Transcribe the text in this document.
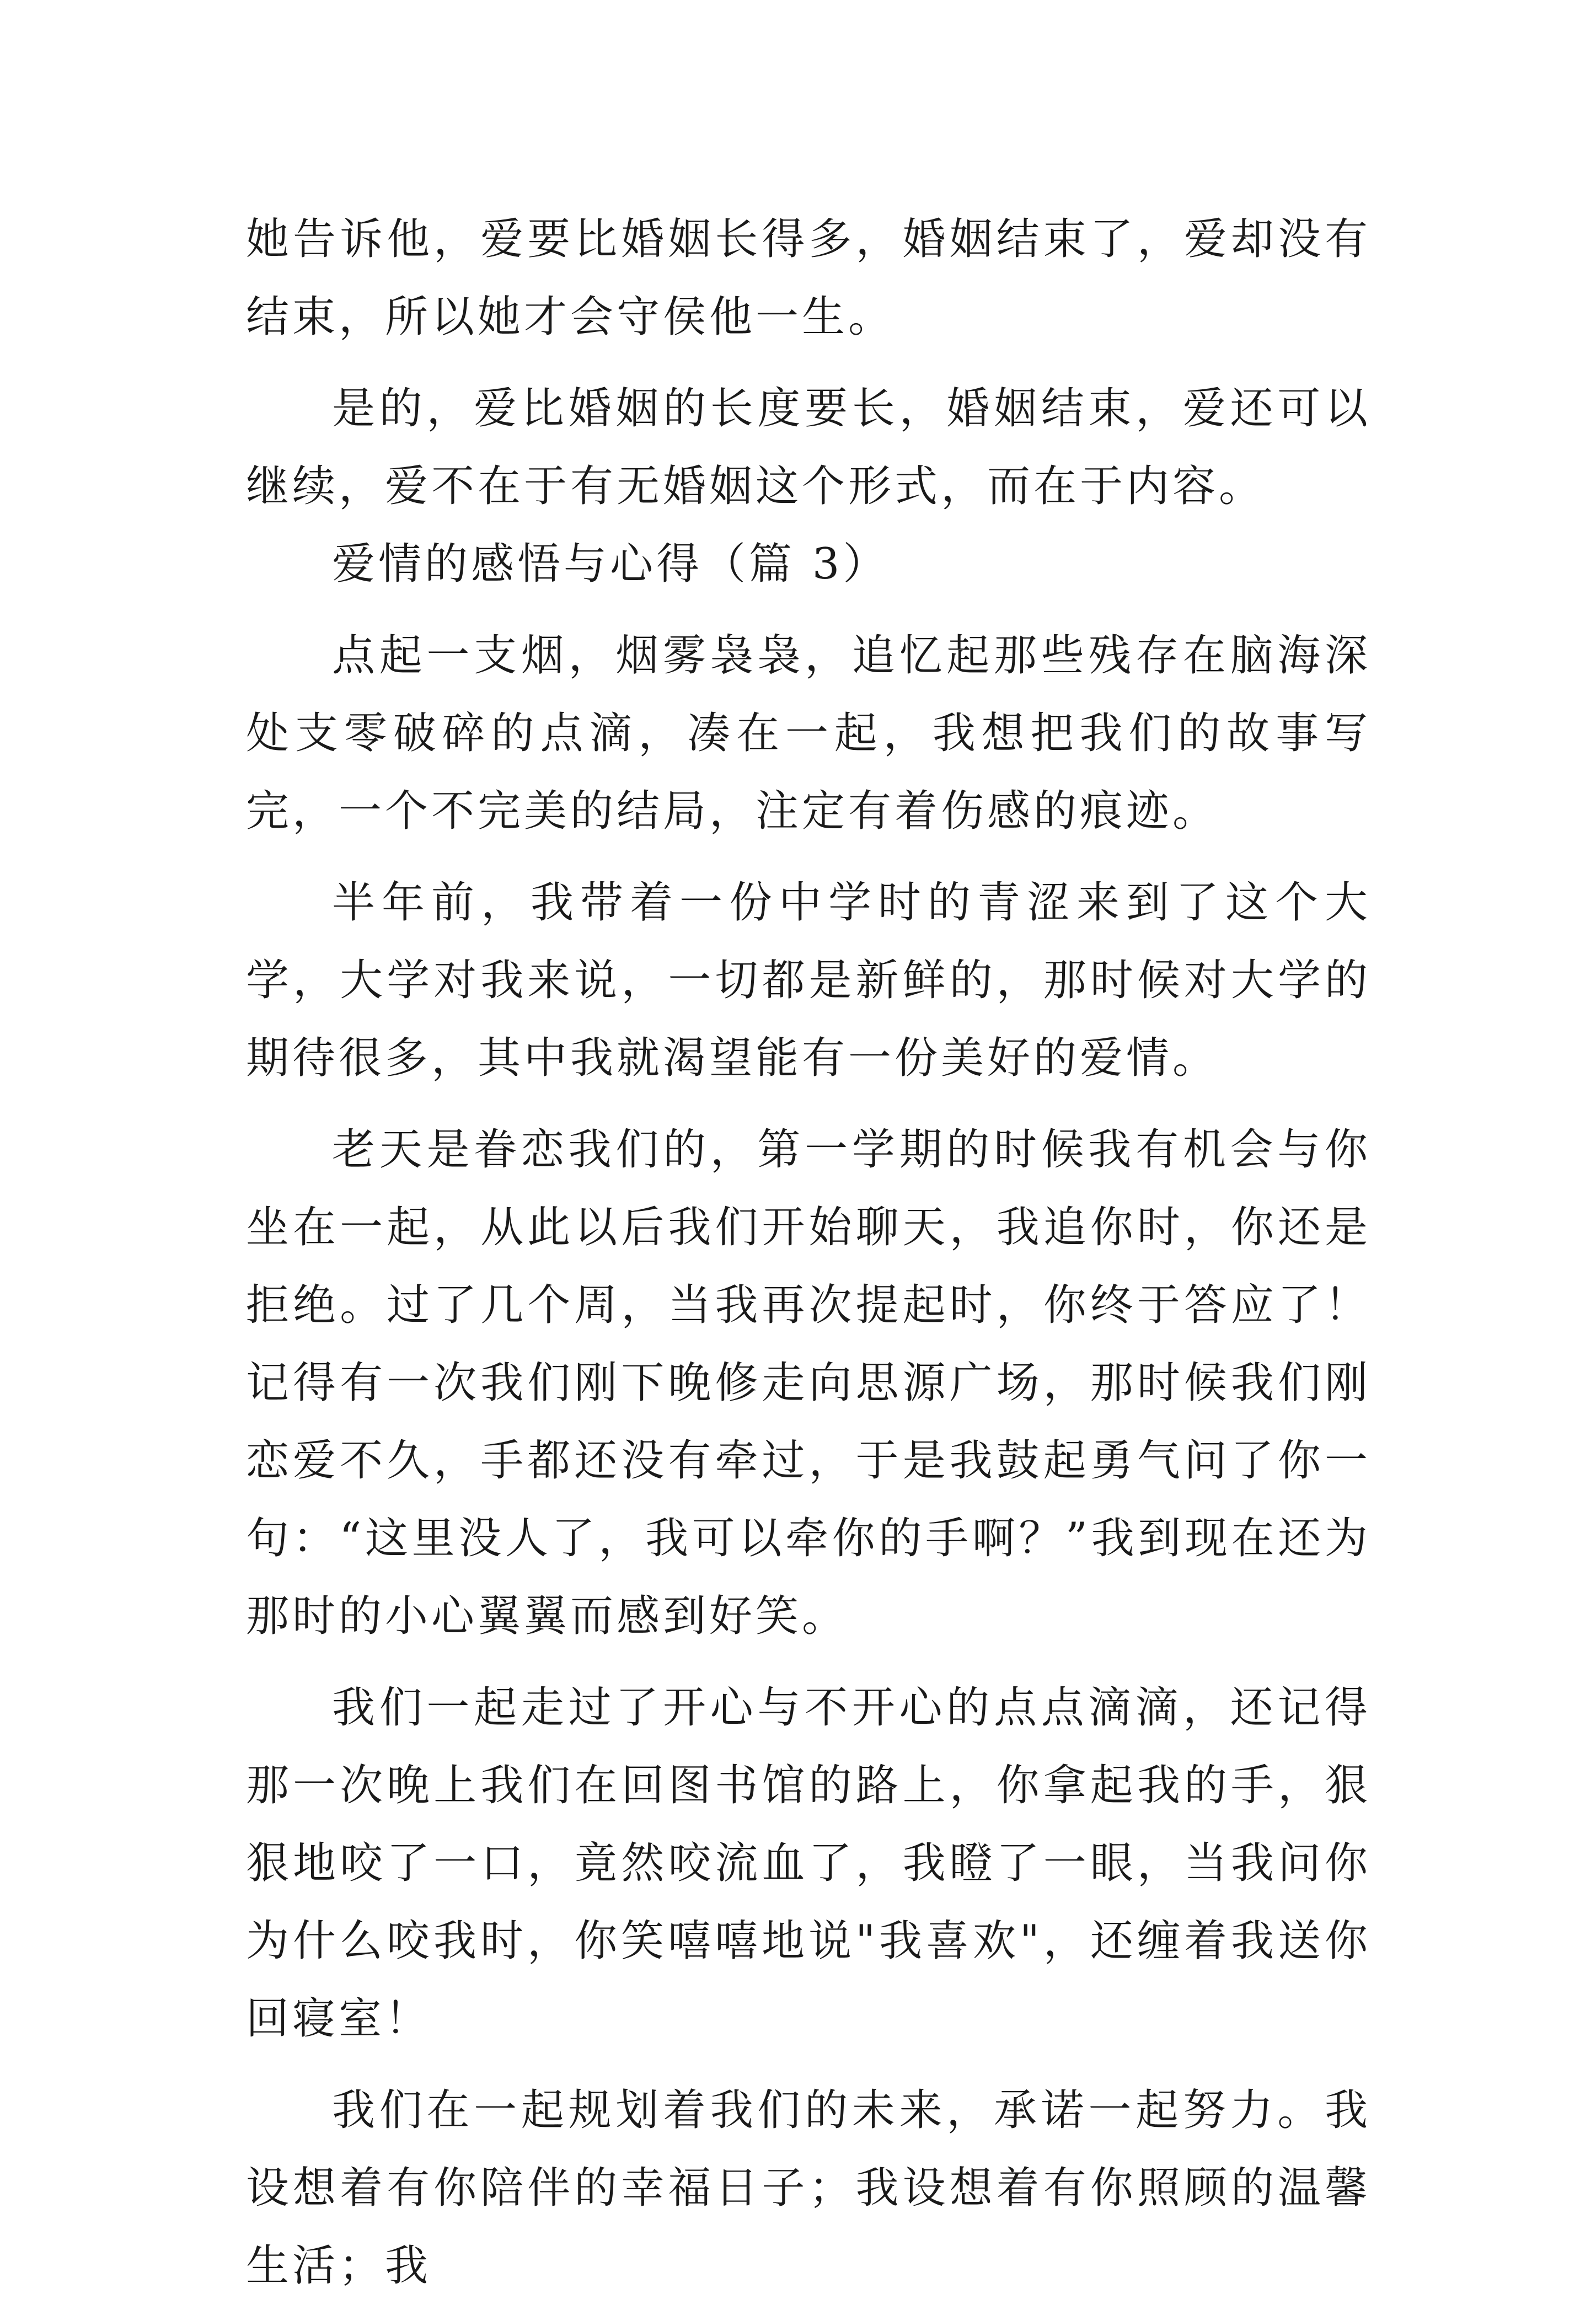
她告诉他，爱要比婚姻长得多，婚姻结束了，爱却没有结束，所以她才会守侯他一生。

是的，爱比婚姻的长度要长，婚姻结束，爱还可以继续，爱不在于有无婚姻这个形式，而在于内容。

爱情的感悟与心得（篇 3）

点起一支烟，烟雾袅袅，追忆起那些残存在脑海深处支零破碎的点滴，凑在一起，我想把我们的故事写完，一个不完美的结局，注定有着伤感的痕迹。

半年前，我带着一份中学时的青涩来到了这个大学，大学对我来说，一切都是新鲜的，那时候对大学的期待很多，其中我就渴望能有一份美好的爱情。

老天是眷恋我们的，第一学期的时候我有机会与你坐在一起，从此以后我们开始聊天，我追你时，你还是拒绝。过了几个周，当我再次提起时，你终于答应了！记得有一次我们刚下晚修走向思源广场，那时候我们刚恋爱不久，手都还没有牵过，于是我鼓起勇气问了你一句：“这里没人了，我可以牵你的手啊？”我到现在还为那时的小心翼翼而感到好笑。

我们一起走过了开心与不开心的点点滴滴，还记得那一次晚上我们在回图书馆的路上，你拿起我的手，狠狠地咬了一口，竟然咬流血了，我瞪了一眼，当我问你为什么咬我时，你笑嘻嘻地说"我喜欢"，还缠着我送你回寝室！

我们在一起规划着我们的未来，承诺一起努力。我设想着有你陪伴的幸福日子；我设想着有你照顾的温馨生活；我
